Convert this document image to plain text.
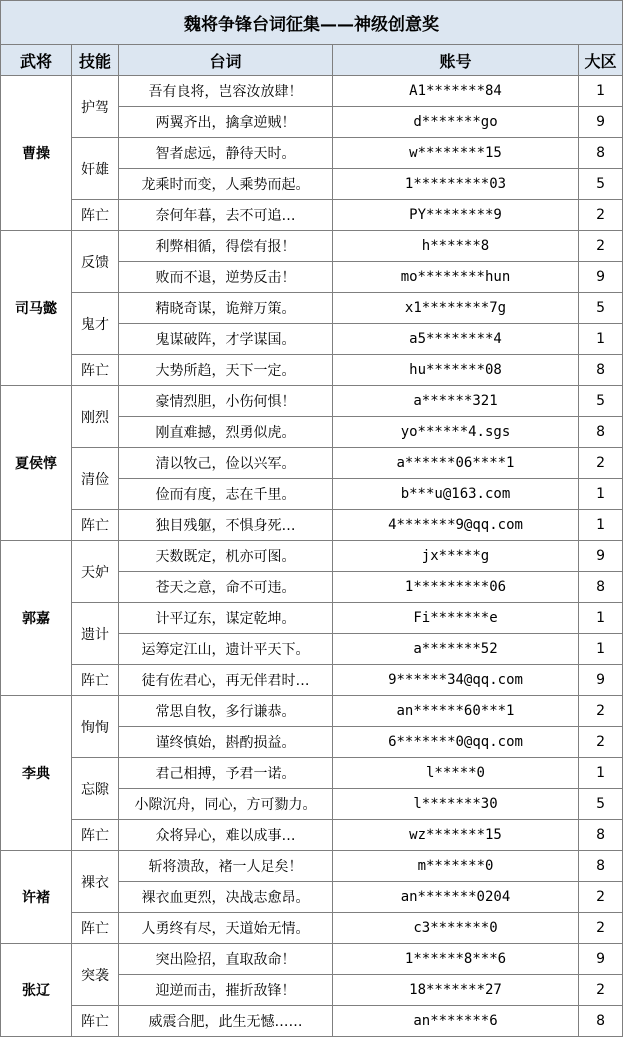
魏将争锋台词征集——神级创意奖				
武将	技能	台词	账号	大区
曹操	护驾	吾有良将，岂容汝放肆！	A1*******84	1
		两翼齐出，擒拿逆贼！	d*******go	9
	奸雄	智者虑远，静待天时。	w********15	8
		龙乘时而变，人乘势而起。	1*********03	5
	阵亡	奈何年暮，去不可追…	PY********9	2
司马懿	反馈	利弊相循，得偿有报！	h******8	2
		败而不退，逆势反击！	mo********hun	9
	鬼才	精晓奇谋，诡辩万策。	x1********7g	5
		鬼谋破阵，才学谋国。	a5********4	1
	阵亡	大势所趋，天下一定。	hu*******08	8
夏侯惇	刚烈	豪情烈胆，小伤何惧！	a******321	5
		刚直难撼，烈勇似虎。	yo******4.sgs	8
	清俭	清以牧己，俭以兴军。	a******06****1	2
		俭而有度，志在千里。	b***u@163.com	1
	阵亡	独目残躯，不惧身死…	4*******9@qq.com	1
郭嘉	天妒	天数既定，机亦可图。	jx*****g	9
		苍天之意，命不可违。	1*********06	8
	遗计	计平辽东，谋定乾坤。	Fi*******e	1
		运筹定江山，遗计平天下。	a*******52	1
	阵亡	徒有佐君心，再无伴君时…	9******34@qq.com	9
李典	恂恂	常思自牧，多行谦恭。	an******60***1	2
		谨终慎始，斟酌损益。	6*******0@qq.com	2
	忘隙	君己相搏，予君一诺。	l*****0	1
		小隙沉舟，同心，方可勠力。	l*******30	5
	阵亡	众将异心，难以成事…	wz*******15	8
许褚	裸衣	斩将溃敌，褚一人足矣！	m*******0	8
		裸衣血更烈，决战志愈昂。	an*******0204	2
	阵亡	人勇终有尽，天道始无情。	c3*******0	2
张辽	突袭	突出险招，直取敌命！	1******8***6	9
		迎逆而击，摧折敌锋！	18*******27	2
	阵亡	威震合肥，此生无憾……	an*******6	8
